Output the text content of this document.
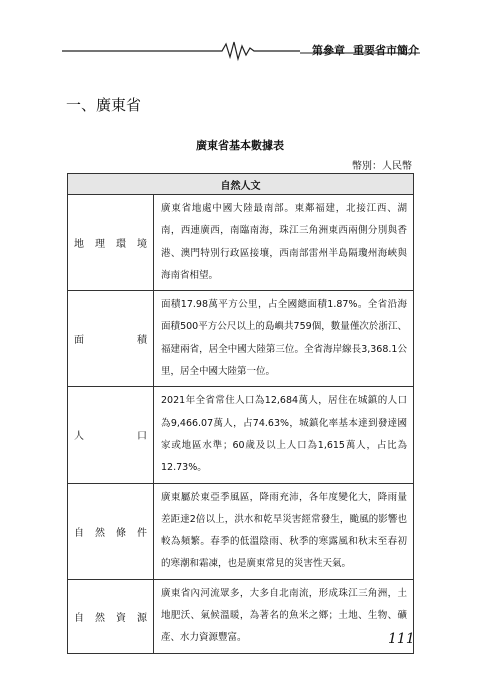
第參章 重要省市簡介
一、廣東省
廣東省基本數據表
幣別：人民幣
自然人文	

地 理 環 境	廣東省地處中國大陸最南部。東鄰福建，北接江西、湖南，西連廣西，南臨南海，珠江三角洲東西兩側分別與香港、澳門特別行政區接壤，西南部雷州半島隔瓊州海峽與海南省相望。

面 積	面積17.98萬平方公里，占全國總面積1.87%。全省沿海面積500平方公尺以上的島嶼共759個，數量僅次於浙江、福建兩省，居全中國大陸第三位。全省海岸線長3,368.1公里，居全中國大陸第一位。

人 口	2021年全省常住人口為12,684萬人，居住在城鎮的人口為9,466.07萬人，占74.63%，城鎮化率基本達到發達國家或地區水準；60歲及以上人口為1,615萬人，占比為12.73%。

自 然 條 件	廣東屬於東亞季風區，降雨充沛，各年度變化大，降雨量差距達2倍以上，洪水和乾旱災害經常發生，颱風的影響也較為頻繁。春季的低溫陰雨、秋季的寒露風和秋末至春初的寒潮和霜凍，也是廣東常見的災害性天氣。

自 然 資 源	廣東省內河流眾多，大多自北南流，形成珠江三角洲，土地肥沃、氣候溫暖，為著名的魚米之鄉；土地、生物、礦產、水力資源豐富。	111
